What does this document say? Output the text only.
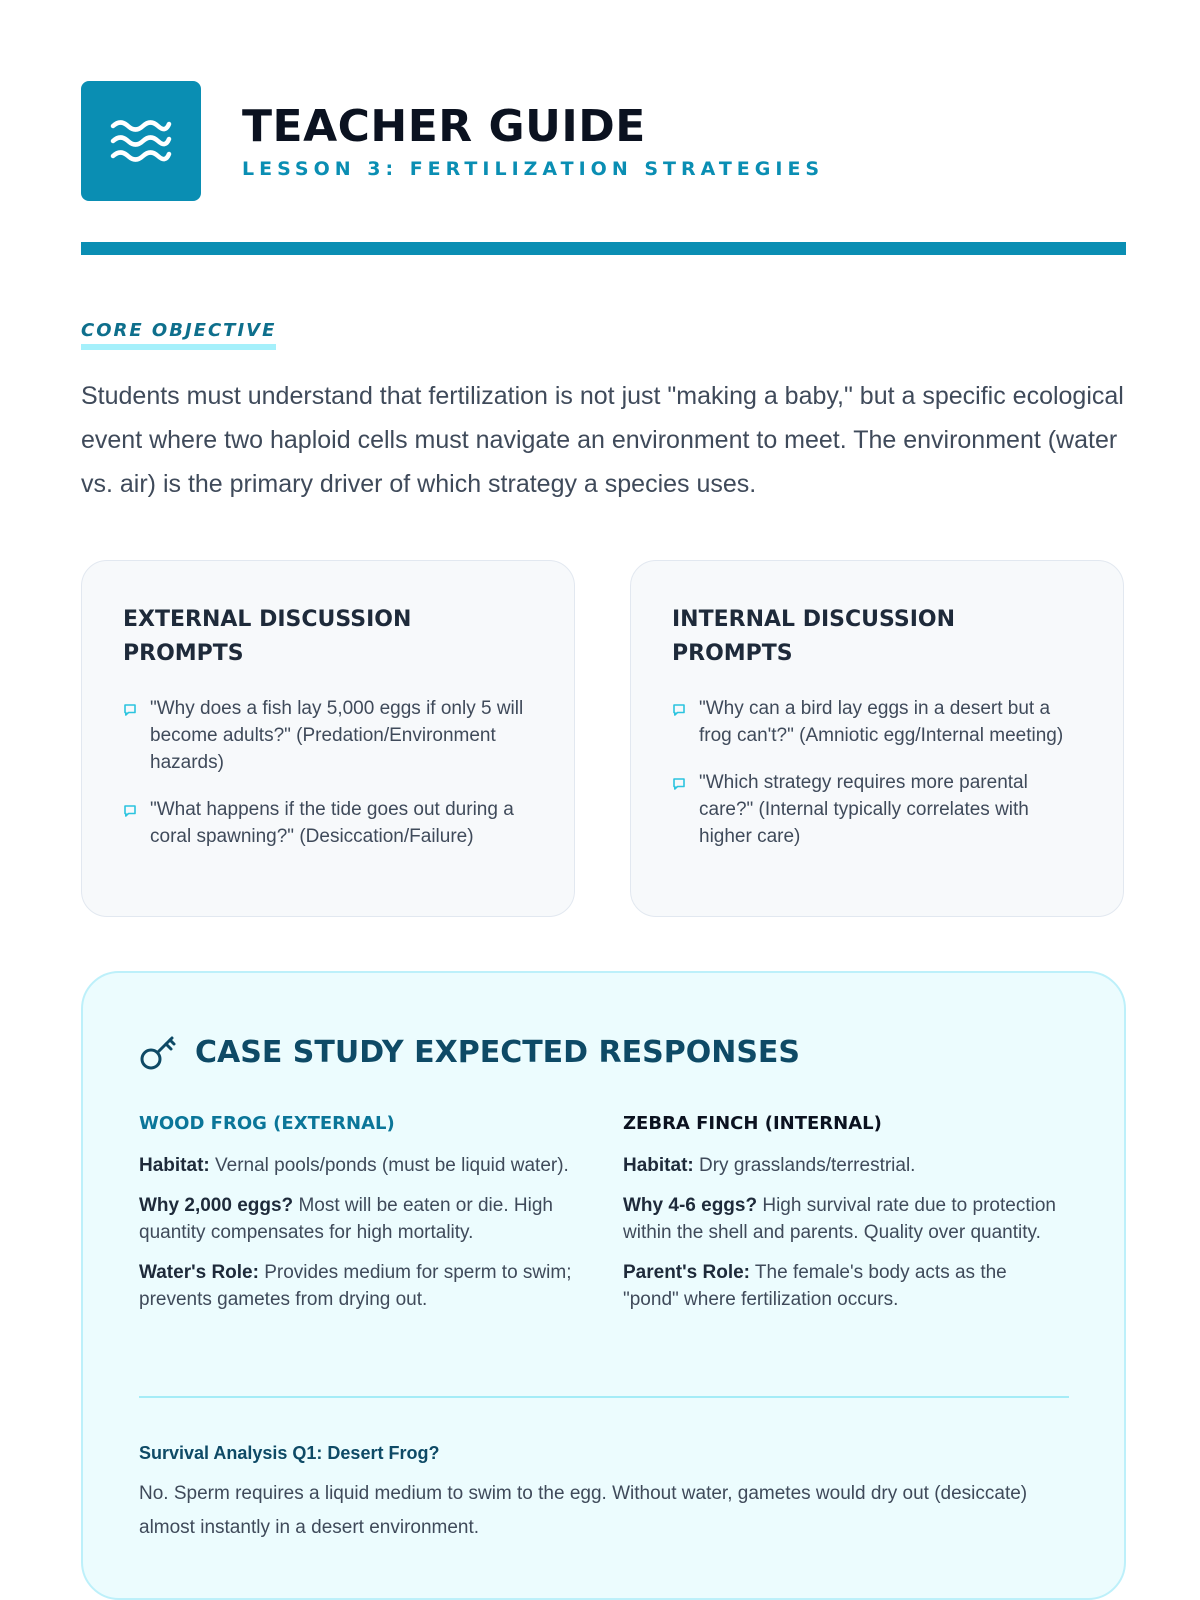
TEACHER GUIDE
LESSON 3: FERTILIZATION STRATEGIES
CORE OBJECTIVE

Students must understand that fertilization is not just "making a baby," but a specific ecological event where two haploid cells must navigate an environment to meet. The environment (water vs. air) is the primary driver of which strategy a species uses.

EXTERNAL DISCUSSION PROMPTS
"Why does a fish lay 5,000 eggs if only 5 will become adults?" (Predation/Environment hazards)
"What happens if the tide goes out during a coral spawning?" (Desiccation/Failure)
INTERNAL DISCUSSION PROMPTS
"Why can a bird lay eggs in a desert but a frog can't?" (Amniotic egg/Internal meeting)
"Which strategy requires more parental care?" (Internal typically correlates with higher care)
CASE STUDY EXPECTED RESPONSES
WOOD FROG (EXTERNAL)

Habitat: Vernal pools/ponds (must be liquid water).

Why 2,000 eggs? Most will be eaten or die. High quantity compensates for high mortality.

Water's Role: Provides medium for sperm to swim; prevents gametes from drying out.

ZEBRA FINCH (INTERNAL)

Habitat: Dry grasslands/terrestrial.

Why 4-6 eggs? High survival rate due to protection within the shell and parents. Quality over quantity.

Parent's Role: The female's body acts as the "pond" where fertilization occurs.

Survival Analysis Q1: Desert Frog?

No. Sperm requires a liquid medium to swim to the egg. Without water, gametes would dry out (desiccate) almost instantly in a desert environment.
